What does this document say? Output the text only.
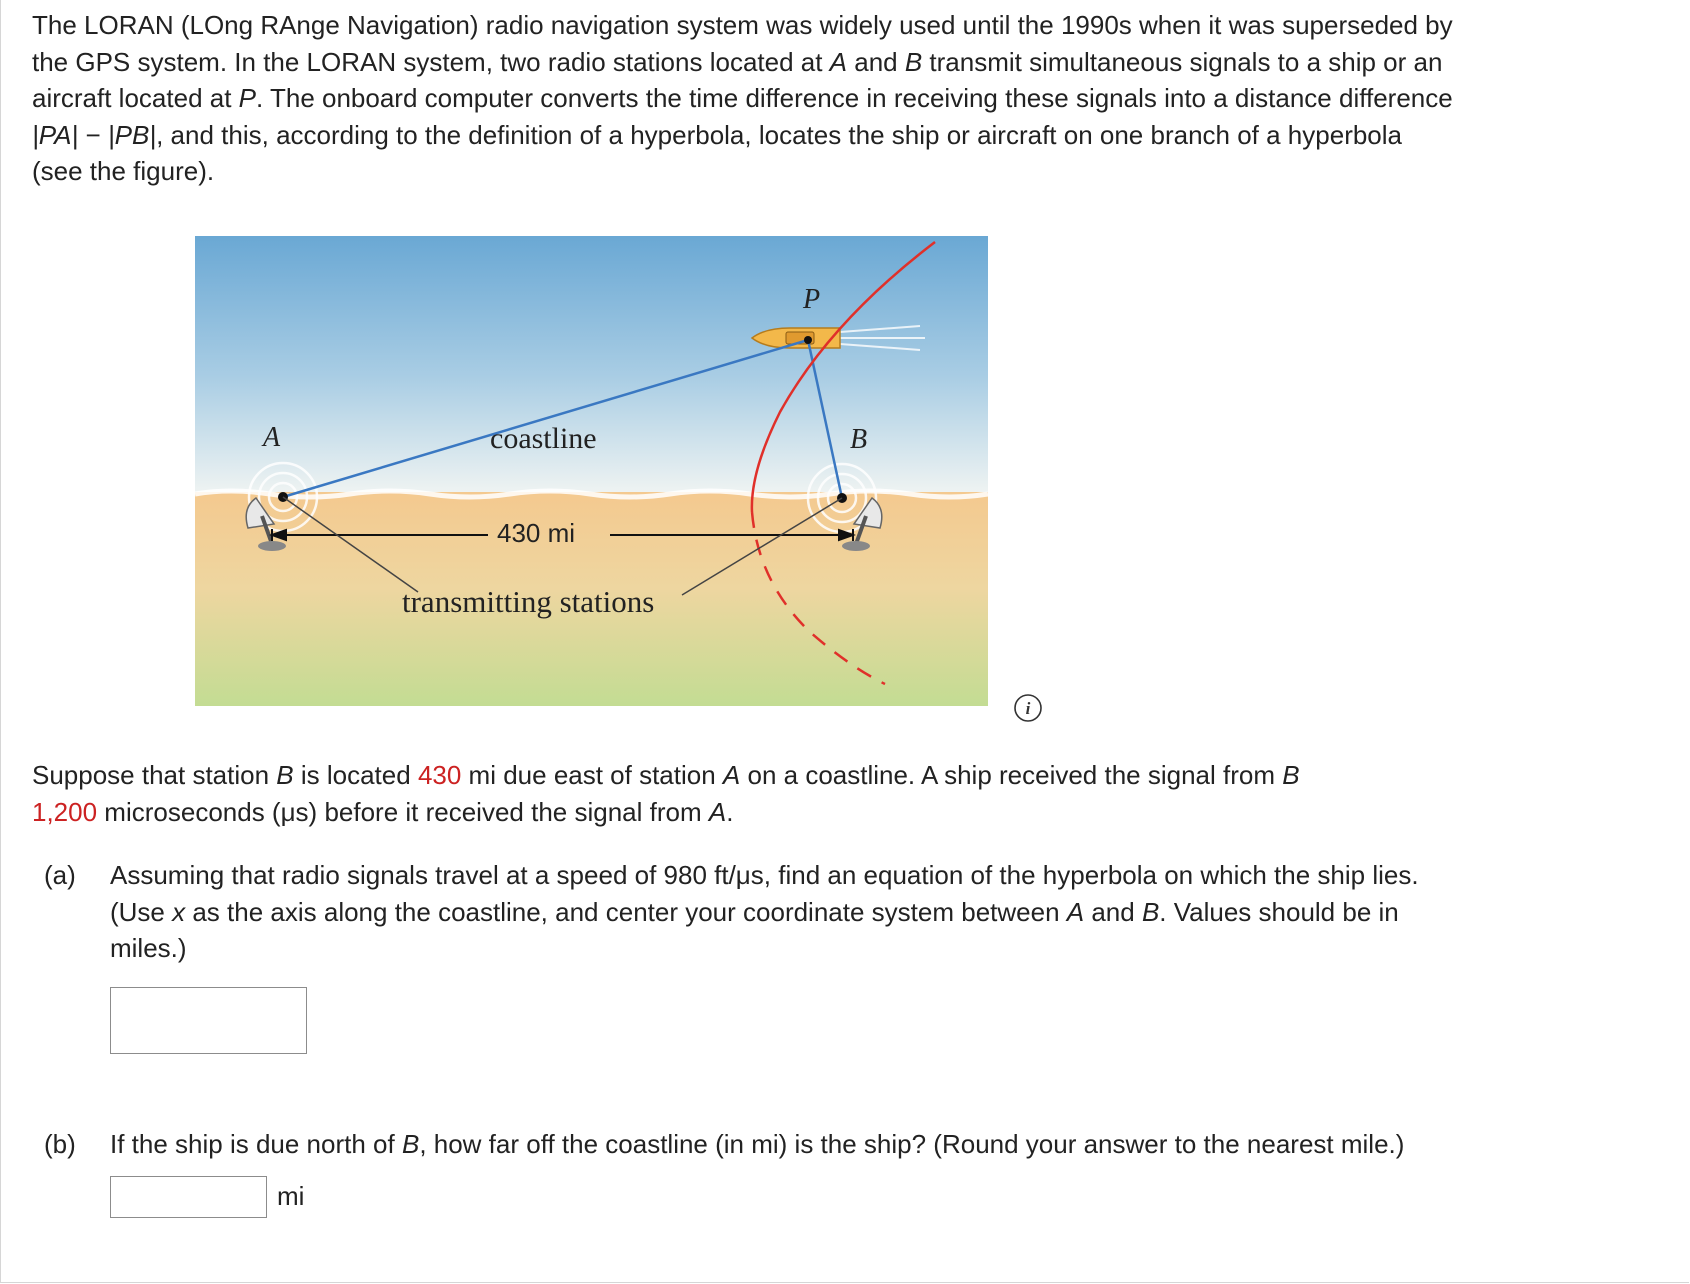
The LORAN (LOng RAnge Navigation) radio navigation system was widely used until the 1990s when it was superseded by
the GPS system. In the LORAN system, two radio stations located at A and B transmit simultaneous signals to a ship or an
aircraft located at P. The onboard computer converts the time difference in receiving these signals into a distance difference
|PA| − |PB|, and this, according to the definition of a hyperbola, locates the ship or aircraft on one branch of a hyperbola
(see the figure).
A	B
P
coastline
430 mi
transmitting stations
i
Suppose that station B is located 430 mi due east of station A on a coastline. A ship received the signal from B
1,200 microseconds (μs) before it received the signal from A.
(a) Assuming that radio signals travel at a speed of 980 ft/μs, find an equation of the hyperbola on which the ship lies.
(Use x as the axis along the coastline, and center your coordinate system between A and B. Values should be in
miles.)
(b) If the ship is due north of B, how far off the coastline (in mi) is the ship? (Round your answer to the nearest mile.)
mi
